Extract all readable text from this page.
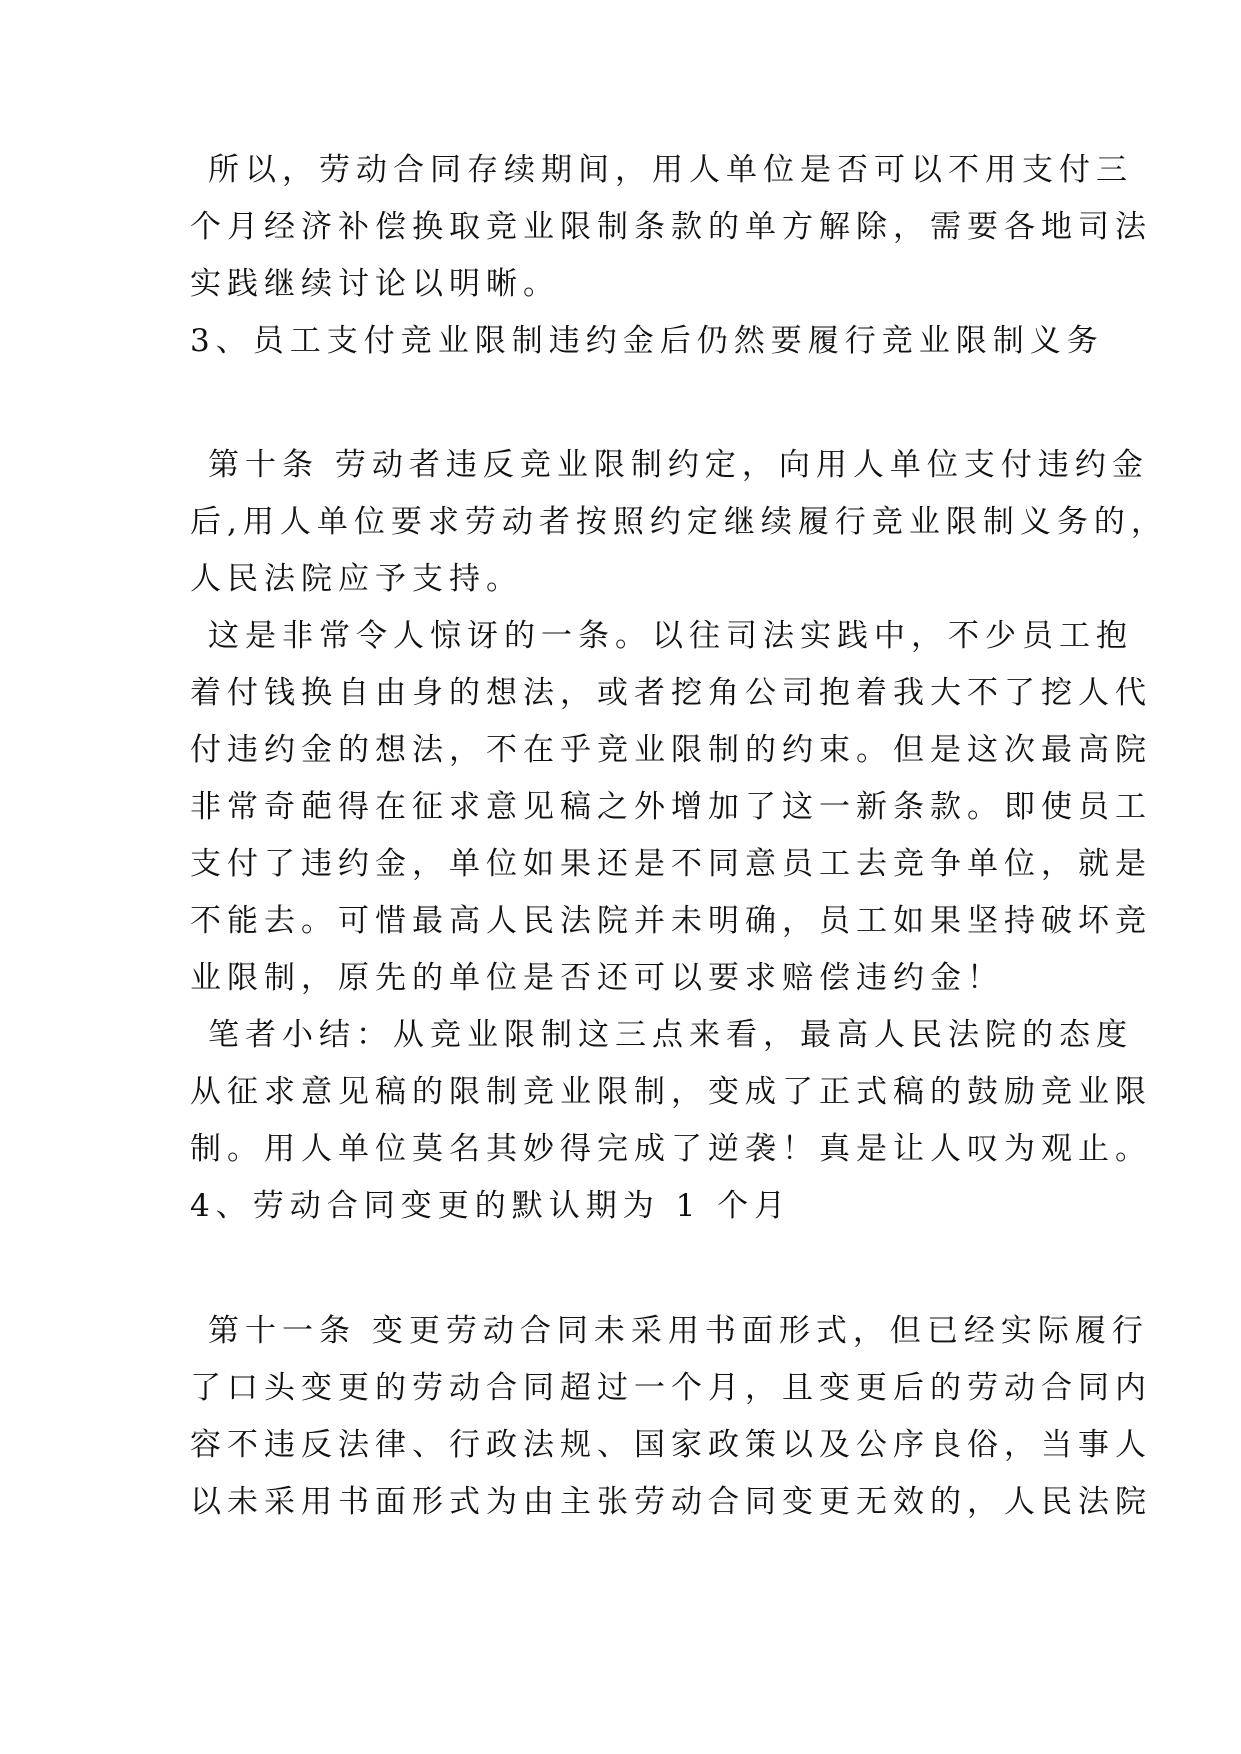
所以，劳动合同存续期间，用人单位是否可以不用支付三
个月经济补偿换取竞业限制条款的单方解除，需要各地司法
实践继续讨论以明晰。
3、员工支付竞业限制违约金后仍然要履行竞业限制义务
第十条 劳动者违反竞业限制约定，向用人单位支付违约金
后,用人单位要求劳动者按照约定继续履行竞业限制义务的，
人民法院应予支持。
这是非常令人惊讶的一条。以往司法实践中，不少员工抱
着付钱换自由身的想法，或者挖角公司抱着我大不了挖人代
付违约金的想法，不在乎竞业限制的约束。但是这次最高院
非常奇葩得在征求意见稿之外增加了这一新条款。即使员工
支付了违约金，单位如果还是不同意员工去竞争单位，就是
不能去。可惜最高人民法院并未明确，员工如果坚持破坏竞
业限制，原先的单位是否还可以要求赔偿违约金！
笔者小结：从竞业限制这三点来看，最高人民法院的态度
从征求意见稿的限制竞业限制，变成了正式稿的鼓励竞业限
制。用人单位莫名其妙得完成了逆袭！真是让人叹为观止。
4、劳动合同变更的默认期为 1 个月
第十一条 变更劳动合同未采用书面形式，但已经实际履行
了口头变更的劳动合同超过一个月，且变更后的劳动合同内
容不违反法律、行政法规、国家政策以及公序良俗，当事人
以未采用书面形式为由主张劳动合同变更无效的，人民法院
